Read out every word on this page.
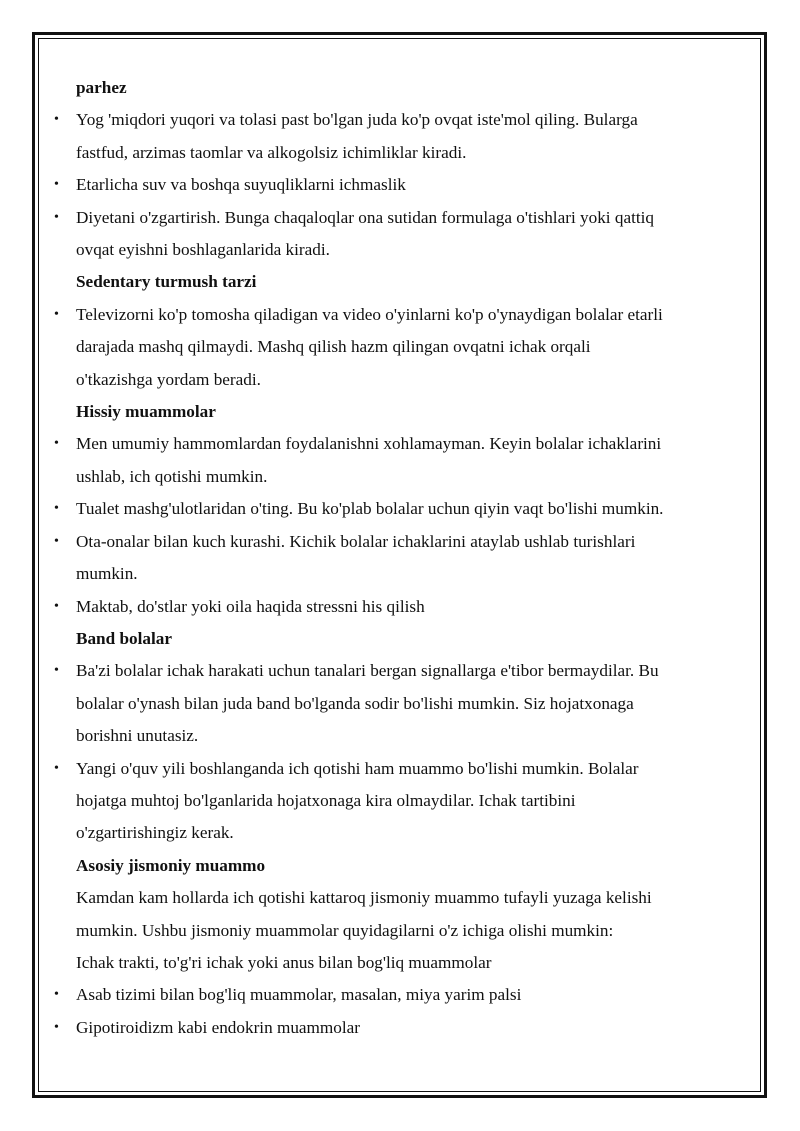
parhez
• Yog 'miqdori yuqori va tolasi past bo'lgan juda ko'p ovqat iste'mol qiling. Bularga
fastfud, arzimas taomlar va alkogolsiz ichimliklar kiradi.
• Etarlicha suv va boshqa suyuqliklarni ichmaslik
• Diyetani o'zgartirish. Bunga chaqaloqlar ona sutidan formulaga o'tishlari yoki qattiq
ovqat eyishni boshlaganlarida kiradi.
Sedentary turmush tarzi
• Televizorni ko'p tomosha qiladigan va video o'yinlarni ko'p o'ynaydigan bolalar etarli
darajada mashq qilmaydi. Mashq qilish hazm qilingan ovqatni ichak orqali
o'tkazishga yordam beradi.
Hissiy muammolar
• Men umumiy hammomlardan foydalanishni xohlamayman. Keyin bolalar ichaklarini
ushlab, ich qotishi mumkin.
• Tualet mashg'ulotlaridan o'ting. Bu ko'plab bolalar uchun qiyin vaqt bo'lishi mumkin.
• Ota-onalar bilan kuch kurashi. Kichik bolalar ichaklarini ataylab ushlab turishlari
mumkin.
• Maktab, do'stlar yoki oila haqida stressni his qilish
Band bolalar
• Ba'zi bolalar ichak harakati uchun tanalari bergan signallarga e'tibor bermaydilar. Bu
bolalar o'ynash bilan juda band bo'lganda sodir bo'lishi mumkin. Siz hojatxonaga
borishni unutasiz.
• Yangi o'quv yili boshlanganda ich qotishi ham muammo bo'lishi mumkin. Bolalar
hojatga muhtoj bo'lganlarida hojatxonaga kira olmaydilar. Ichak tartibini
o'zgartirishingiz kerak.
Asosiy jismoniy muammo
Kamdan kam hollarda ich qotishi kattaroq jismoniy muammo tufayli yuzaga kelishi
mumkin. Ushbu jismoniy muammolar quyidagilarni o'z ichiga olishi mumkin:
Ichak trakti, to'g'ri ichak yoki anus bilan bog'liq muammolar
• Asab tizimi bilan bog'liq muammolar, masalan, miya yarim palsi
• Gipotiroidizm kabi endokrin muammolar
